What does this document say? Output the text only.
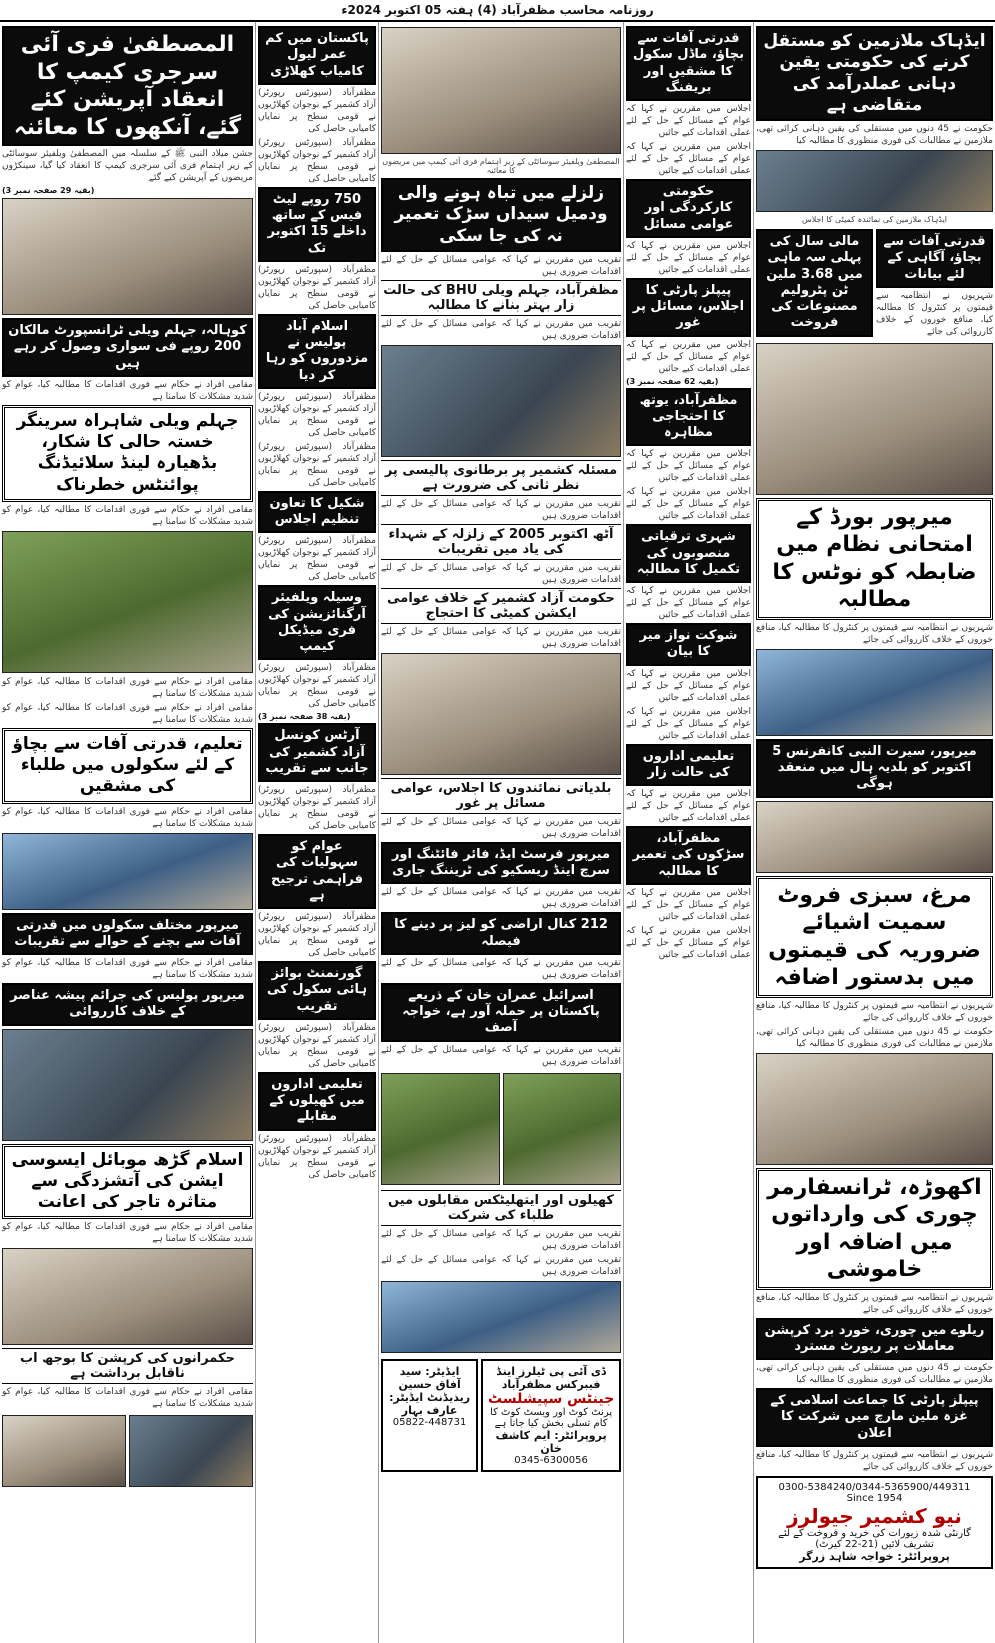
روزنامہ محاسب مظفرآباد (4) ہفتہ 05 اکتوبر 2024ء
ایڈہاک ملازمین کو مستقل کرنے کی حکومتی یقین دہانی عملدرآمد کی متقاضی ہے
حکومت نے 45 دنوں میں مستقلی کی یقین دہانی کرائی تھی، ملازمین نے مطالبات کی فوری منظوری کا مطالبہ کیا
ایڈہاک ملازمین کی نمائندہ کمیٹی کا اجلاس
قدرتی آفات سے بچاؤ، آگاہی کے لئے بیانات
شہریوں نے انتظامیہ سے قیمتوں پر کنٹرول کا مطالبہ کیا، منافع خوروں کے خلاف کارروائی کی جائے
مالی سال کی پہلی سہ ماہی میں 3.68 ملین ٹن پٹرولیم مصنوعات کی فروخت
میرپور بورڈ کے امتحانی نظام میں ضابطہ کو نوٹس کا مطالبہ
شہریوں نے انتظامیہ سے قیمتوں پر کنٹرول کا مطالبہ کیا، منافع خوروں کے خلاف کارروائی کی جائے
میرپور، سیرت النبی کانفرنس 5 اکتوبر کو بلدیہ ہال میں منعقد ہوگی
مرغ، سبزی فروٹ سمیت اشیائے ضروریہ کی قیمتوں میں بدستور اضافہ
شہریوں نے انتظامیہ سے قیمتوں پر کنٹرول کا مطالبہ کیا، منافع خوروں کے خلاف کارروائی کی جائے
حکومت نے 45 دنوں میں مستقلی کی یقین دہانی کرائی تھی، ملازمین نے مطالبات کی فوری منظوری کا مطالبہ کیا
اکھوڑہ، ٹرانسفارمر چوری کی وارداتوں میں اضافہ اور خاموشی
شہریوں نے انتظامیہ سے قیمتوں پر کنٹرول کا مطالبہ کیا، منافع خوروں کے خلاف کارروائی کی جائے
ریلوے میں چوری، خورد برد کرپشن معاملات پر رپورٹ مسترد
حکومت نے 45 دنوں میں مستقلی کی یقین دہانی کرائی تھی، ملازمین نے مطالبات کی فوری منظوری کا مطالبہ کیا
پیپلز پارٹی کا جماعت اسلامی کے غزہ ملین مارچ میں شرکت کا اعلان
شہریوں نے انتظامیہ سے قیمتوں پر کنٹرول کا مطالبہ کیا، منافع خوروں کے خلاف کارروائی کی جائے
0300-5384240/0344-5365900/449311
Since 1954
نیو کشمیر جیولرز
گارنٹی شدہ زیورات کی خرید و فروخت کے لئے تشریف لائیں (21-22 کیرٹ)
پروپرائٹر: خواجہ شاہد زرگر
قدرتی آفات سے بچاؤ، ماڈل سکول کا مشقیں اور بریفنگ
اجلاس میں مقررین نے کہا کہ عوام کے مسائل کے حل کے لئے عملی اقدامات کیے جائیں
اجلاس میں مقررین نے کہا کہ عوام کے مسائل کے حل کے لئے عملی اقدامات کیے جائیں
حکومتی کارکردگی اور عوامی مسائل
اجلاس میں مقررین نے کہا کہ عوام کے مسائل کے حل کے لئے عملی اقدامات کیے جائیں
پیپلز پارٹی کا اجلاس، مسائل پر غور
اجلاس میں مقررین نے کہا کہ عوام کے مسائل کے حل کے لئے عملی اقدامات کیے جائیں
(بقیہ 62 صفحہ نمبر 3)
مظفرآباد، یوتھ کا احتجاجی مظاہرہ
اجلاس میں مقررین نے کہا کہ عوام کے مسائل کے حل کے لئے عملی اقدامات کیے جائیں
اجلاس میں مقررین نے کہا کہ عوام کے مسائل کے حل کے لئے عملی اقدامات کیے جائیں
شہری ترقیاتی منصوبوں کی تکمیل کا مطالبہ
اجلاس میں مقررین نے کہا کہ عوام کے مسائل کے حل کے لئے عملی اقدامات کیے جائیں
شوکت نواز میر کا بیان
اجلاس میں مقررین نے کہا کہ عوام کے مسائل کے حل کے لئے عملی اقدامات کیے جائیں
اجلاس میں مقررین نے کہا کہ عوام کے مسائل کے حل کے لئے عملی اقدامات کیے جائیں
تعلیمی اداروں کی حالت زار
اجلاس میں مقررین نے کہا کہ عوام کے مسائل کے حل کے لئے عملی اقدامات کیے جائیں
مظفرآباد، سڑکوں کی تعمیر کا مطالبہ
اجلاس میں مقررین نے کہا کہ عوام کے مسائل کے حل کے لئے عملی اقدامات کیے جائیں
اجلاس میں مقررین نے کہا کہ عوام کے مسائل کے حل کے لئے عملی اقدامات کیے جائیں
المصطفیٰ ویلفیئر سوسائٹی کے زیر اہتمام فری آئی کیمپ میں مریضوں کا معائنہ
زلزلے میں تباہ ہونے والی ودمیل سیداں سڑک تعمیر نہ کی جا سکی
تقریب میں مقررین نے کہا کہ عوامی مسائل کے حل کے لئے اقدامات ضروری ہیں
مظفرآباد، جہلم ویلی BHU کی حالت زار بہتر بنانے کا مطالبہ
تقریب میں مقررین نے کہا کہ عوامی مسائل کے حل کے لئے اقدامات ضروری ہیں
مسئلہ کشمیر پر برطانوی پالیسی پر نظر ثانی کی ضرورت ہے
تقریب میں مقررین نے کہا کہ عوامی مسائل کے حل کے لئے اقدامات ضروری ہیں
آٹھ اکتوبر 2005 کے زلزلہ کے شہداء کی یاد میں تقریبات
تقریب میں مقررین نے کہا کہ عوامی مسائل کے حل کے لئے اقدامات ضروری ہیں
حکومت آزاد کشمیر کے خلاف عوامی ایکشن کمیٹی کا احتجاج
تقریب میں مقررین نے کہا کہ عوامی مسائل کے حل کے لئے اقدامات ضروری ہیں
بلدیاتی نمائندوں کا اجلاس، عوامی مسائل پر غور
تقریب میں مقررین نے کہا کہ عوامی مسائل کے حل کے لئے اقدامات ضروری ہیں
میرپور فرسٹ ایڈ، فائر فائٹنگ اور سرچ اینڈ ریسکیو کی ٹریننگ جاری
تقریب میں مقررین نے کہا کہ عوامی مسائل کے حل کے لئے اقدامات ضروری ہیں
212 کنال اراضی کو لیز پر دینے کا فیصلہ
تقریب میں مقررین نے کہا کہ عوامی مسائل کے حل کے لئے اقدامات ضروری ہیں
اسرائیل عمران خان کے ذریعے پاکستان پر حملہ آور ہے، خواجہ آصف
تقریب میں مقررین نے کہا کہ عوامی مسائل کے حل کے لئے اقدامات ضروری ہیں
کھیلوں اور ایتھلیٹکس مقابلوں میں طلباء کی شرکت
تقریب میں مقررین نے کہا کہ عوامی مسائل کے حل کے لئے اقدامات ضروری ہیں
تقریب میں مقررین نے کہا کہ عوامی مسائل کے حل کے لئے اقدامات ضروری ہیں
ڈی آئی پی ٹیلرز اینڈ فیبرکس مظفرآباد
جینٹس سپیشلسٹ
پرنٹ کوٹ اور ویسٹ کوٹ کا کام تسلی بخش کیا جاتا ہے
پروپرائٹر: ایم کاشف خان
0345-6300056
ایڈیٹر: سید آفاق حسین
ریذیڈنٹ ایڈیٹر: عارف بہار
05822-448731
پاکستان میں کم عمر لیول کامیاب کھلاڑی
مظفرآباد (سپورٹس رپورٹر) آزاد کشمیر کے نوجوان کھلاڑیوں نے قومی سطح پر نمایاں کامیابی حاصل کی
مظفرآباد (سپورٹس رپورٹر) آزاد کشمیر کے نوجوان کھلاڑیوں نے قومی سطح پر نمایاں کامیابی حاصل کی
750 روپے لیٹ فیس کے ساتھ داخلے 15 اکتوبر تک
مظفرآباد (سپورٹس رپورٹر) آزاد کشمیر کے نوجوان کھلاڑیوں نے قومی سطح پر نمایاں کامیابی حاصل کی
اسلام آباد پولیس نے مزدوروں کو رہا کر دیا
مظفرآباد (سپورٹس رپورٹر) آزاد کشمیر کے نوجوان کھلاڑیوں نے قومی سطح پر نمایاں کامیابی حاصل کی
مظفرآباد (سپورٹس رپورٹر) آزاد کشمیر کے نوجوان کھلاڑیوں نے قومی سطح پر نمایاں کامیابی حاصل کی
شکیل کا تعاون تنظیم اجلاس
مظفرآباد (سپورٹس رپورٹر) آزاد کشمیر کے نوجوان کھلاڑیوں نے قومی سطح پر نمایاں کامیابی حاصل کی
وسیلہ ویلفیئر آرگنائزیشن کی فری میڈیکل کیمپ
مظفرآباد (سپورٹس رپورٹر) آزاد کشمیر کے نوجوان کھلاڑیوں نے قومی سطح پر نمایاں کامیابی حاصل کی
(بقیہ 38 صفحہ نمبر 3)
آرٹس کونسل آزاد کشمیر کی جانب سے تقریب
مظفرآباد (سپورٹس رپورٹر) آزاد کشمیر کے نوجوان کھلاڑیوں نے قومی سطح پر نمایاں کامیابی حاصل کی
عوام کو سہولیات کی فراہمی ترجیح ہے
مظفرآباد (سپورٹس رپورٹر) آزاد کشمیر کے نوجوان کھلاڑیوں نے قومی سطح پر نمایاں کامیابی حاصل کی
گورنمنٹ بوائز ہائی سکول کی تقریب
مظفرآباد (سپورٹس رپورٹر) آزاد کشمیر کے نوجوان کھلاڑیوں نے قومی سطح پر نمایاں کامیابی حاصل کی
تعلیمی اداروں میں کھیلوں کے مقابلے
مظفرآباد (سپورٹس رپورٹر) آزاد کشمیر کے نوجوان کھلاڑیوں نے قومی سطح پر نمایاں کامیابی حاصل کی
المصطفیٰ فری آئی سرجری کیمپ کا انعقاد آپریشن کئے گئے، آنکھوں کا معائنہ
جشن میلاد النبی ﷺ کے سلسلہ میں المصطفیٰ ویلفیئر سوسائٹی کے زیر اہتمام فری آئی سرجری کیمپ کا انعقاد کیا گیا، سینکڑوں مریضوں کے آپریشن کیے گئے
(بقیہ 29 صفحہ نمبر 3)
کوہالہ، جہلم ویلی ٹرانسپورٹ مالکان 200 روپے فی سواری وصول کر رہے ہیں
مقامی افراد نے حکام سے فوری اقدامات کا مطالبہ کیا، عوام کو شدید مشکلات کا سامنا ہے
جہلم ویلی شاہراہ سرینگر خستہ حالی کا شکار، بڈھیارہ لینڈ سلائیڈنگ پوائنٹس خطرناک
مقامی افراد نے حکام سے فوری اقدامات کا مطالبہ کیا، عوام کو شدید مشکلات کا سامنا ہے
مقامی افراد نے حکام سے فوری اقدامات کا مطالبہ کیا، عوام کو شدید مشکلات کا سامنا ہے
مقامی افراد نے حکام سے فوری اقدامات کا مطالبہ کیا، عوام کو شدید مشکلات کا سامنا ہے
تعلیم، قدرتی آفات سے بچاؤ کے لئے سکولوں میں طلباء کی مشقیں
مقامی افراد نے حکام سے فوری اقدامات کا مطالبہ کیا، عوام کو شدید مشکلات کا سامنا ہے
میرپور مختلف سکولوں میں قدرتی آفات سے بچنے کے حوالے سے تقریبات
مقامی افراد نے حکام سے فوری اقدامات کا مطالبہ کیا، عوام کو شدید مشکلات کا سامنا ہے
میرپور پولیس کی جرائم پیشہ عناصر کے خلاف کارروائی
اسلام گڑھ موبائل ایسوسی ایشن کی آتشزدگی سے متاثرہ تاجر کی اعانت
مقامی افراد نے حکام سے فوری اقدامات کا مطالبہ کیا، عوام کو شدید مشکلات کا سامنا ہے
حکمرانوں کی کرپشن کا بوجھ اب ناقابل برداشت ہے
مقامی افراد نے حکام سے فوری اقدامات کا مطالبہ کیا، عوام کو شدید مشکلات کا سامنا ہے
